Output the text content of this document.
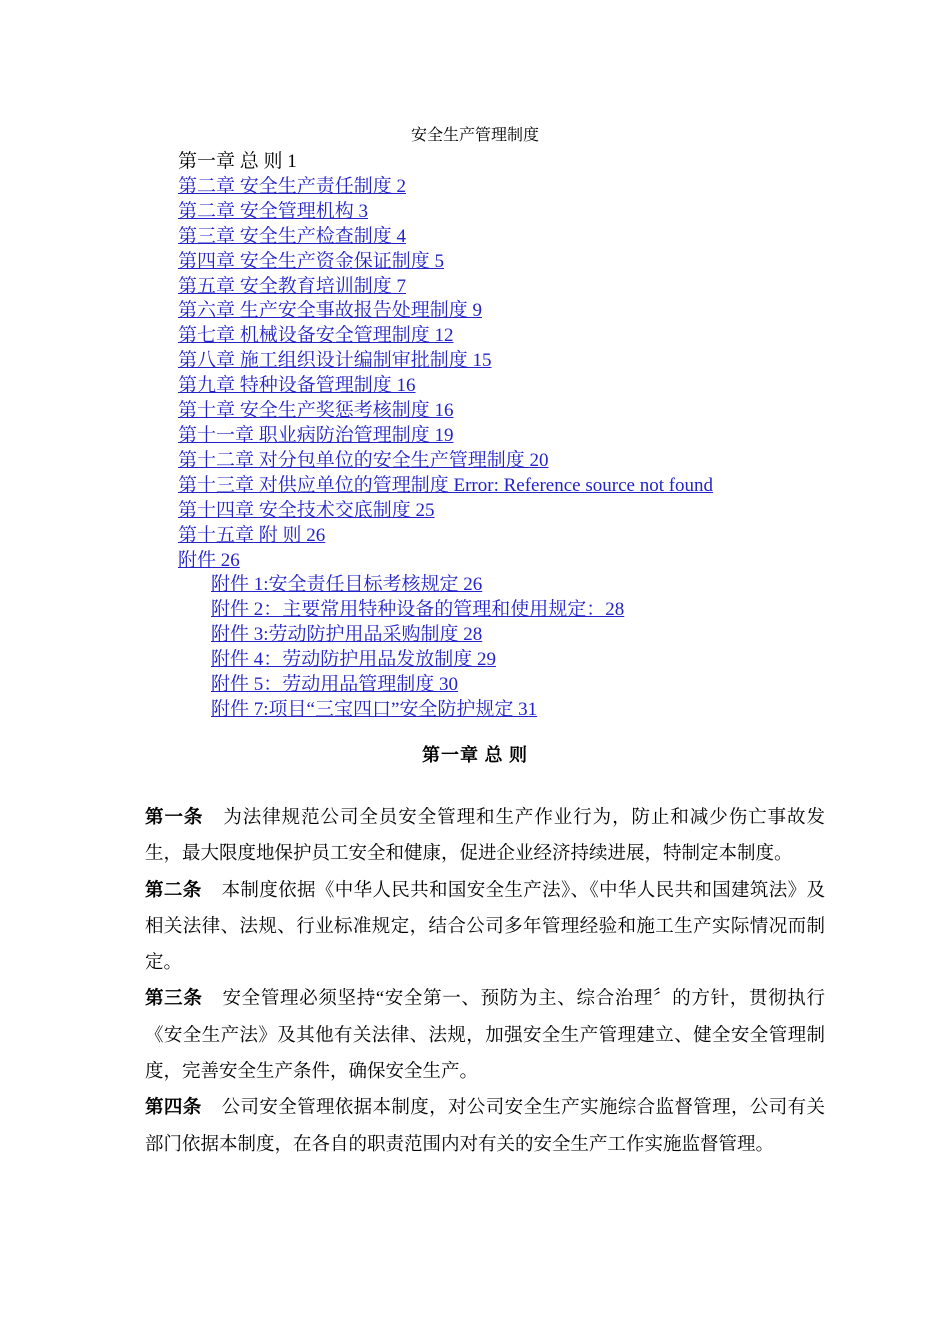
安全生产管理制度
第一章 总 则 1
第二章 安全生产责任制度 2
第二章 安全管理机构 3
第三章 安全生产检查制度 4
第四章 安全生产资金保证制度 5
第五章 安全教育培训制度 7
第六章 生产安全事故报告处理制度 9
第七章 机械设备安全管理制度 12
第八章 施工组织设计编制审批制度 15
第九章 特种设备管理制度 16
第十章 安全生产奖惩考核制度 16
第十一章 职业病防治管理制度 19
第十二章 对分包单位的安全生产管理制度 20
第十三章 对供应单位的管理制度 Error: Reference source not found
第十四章 安全技术交底制度 25
第十五章 附 则 26
附件 26
附件 1:安全责任目标考核规定 26
附件 2：主要常用特种设备的管理和使用规定：28
附件 3:劳动防护用品采购制度 28
附件 4：劳动防护用品发放制度 29
附件 5：劳动用品管理制度 30
附件 7:项目“三宝四口”安全防护规定 31
第一章 总 则

第一条 为法律规范公司全员安全管理和生产作业行为，防止和减少伤亡事故发生，最大限度地保护员工安全和健康，促进企业经济持续进展，特制定本制度。

第二条 本制度依据《中华人民共和国安全生产法》、《中华人民共和国建筑法》及相关法律、法规、行业标准规定，结合公司多年管理经验和施工生产实际情况而制定。

第三条 安全管理必须坚持“安全第一、预防为主、综合治理〞的方针，贯彻执行《安全生产法》及其他有关法律、法规，加强安全生产管理建立、健全安全管理制度，完善安全生产条件，确保安全生产。

第四条 公司安全管理依据本制度，对公司安全生产实施综合监督管理，公司有关部门依据本制度，在各自的职责范围内对有关的安全生产工作实施监督管理。
